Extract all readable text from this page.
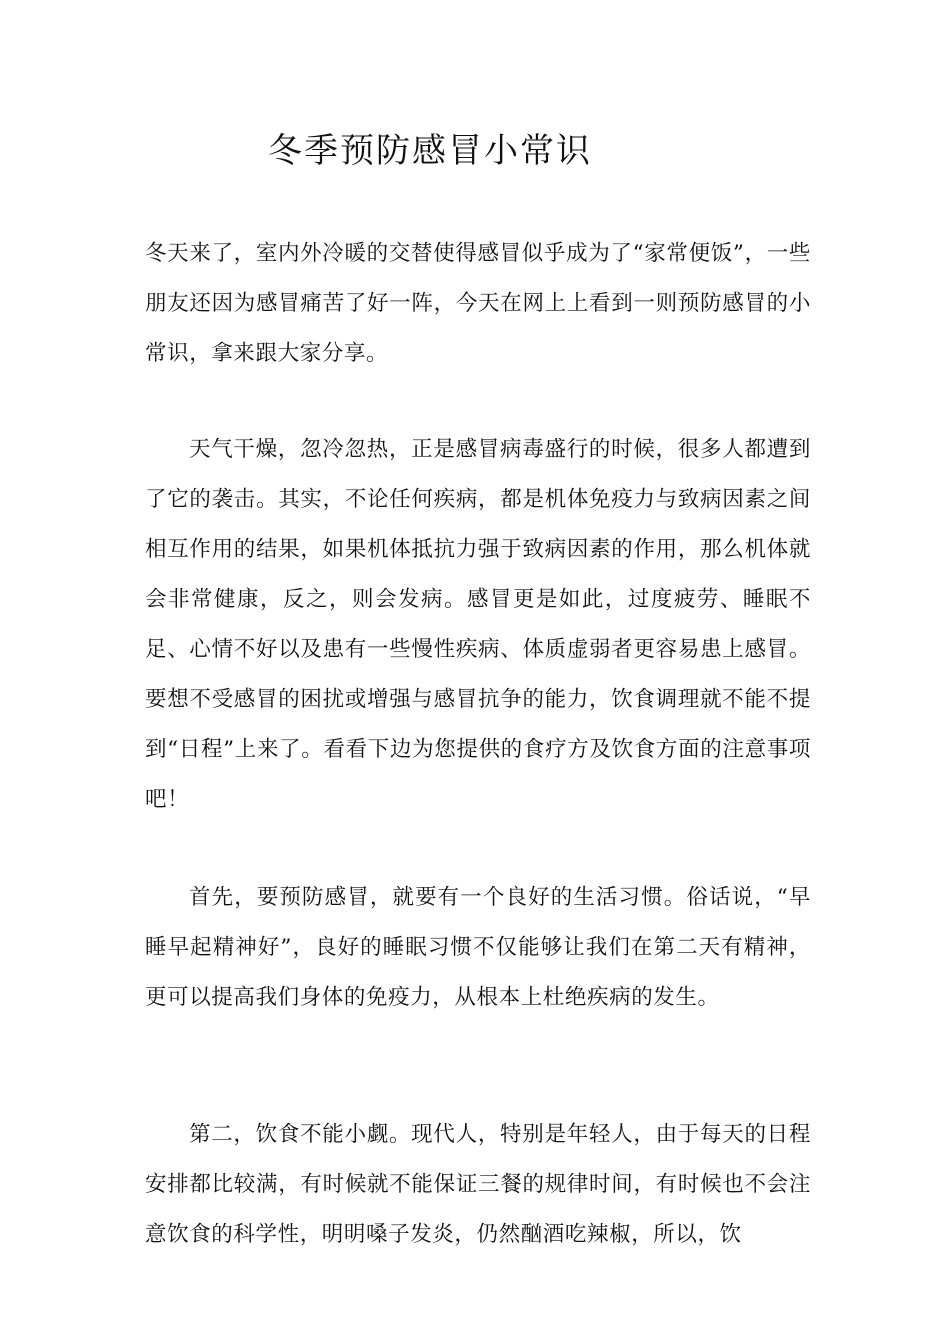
冬季预防感冒小常识

冬天来了，室内外冷暖的交替使得感冒似乎成为了“家常便饭”，一些朋友还因为感冒痛苦了好一阵，今天在网上上看到一则预防感冒的小常识，拿来跟大家分享。

天气干燥，忽冷忽热，正是感冒病毒盛行的时候，很多人都遭到了它的袭击。其实，不论任何疾病，都是机体免疫力与致病因素之间相互作用的结果，如果机体抵抗力强于致病因素的作用，那么机体就会非常健康，反之，则会发病。感冒更是如此，过度疲劳、睡眠不足、心情不好以及患有一些慢性疾病、体质虚弱者更容易患上感冒。要想不受感冒的困扰或增强与感冒抗争的能力，饮食调理就不能不提到“日程”上来了。看看下边为您提供的食疗方及饮食方面的注意事项吧！

首先，要预防感冒，就要有一个良好的生活习惯。俗话说，“早睡早起精神好”，良好的睡眠习惯不仅能够让我们在第二天有精神，更可以提高我们身体的免疫力，从根本上杜绝疾病的发生。

第二，饮食不能小觑。现代人，特别是年轻人，由于每天的日程安排都比较满，有时候就不能保证三餐的规律时间，有时候也不会注意饮食的科学性，明明嗓子发炎，仍然酗酒吃辣椒，所以，饮
